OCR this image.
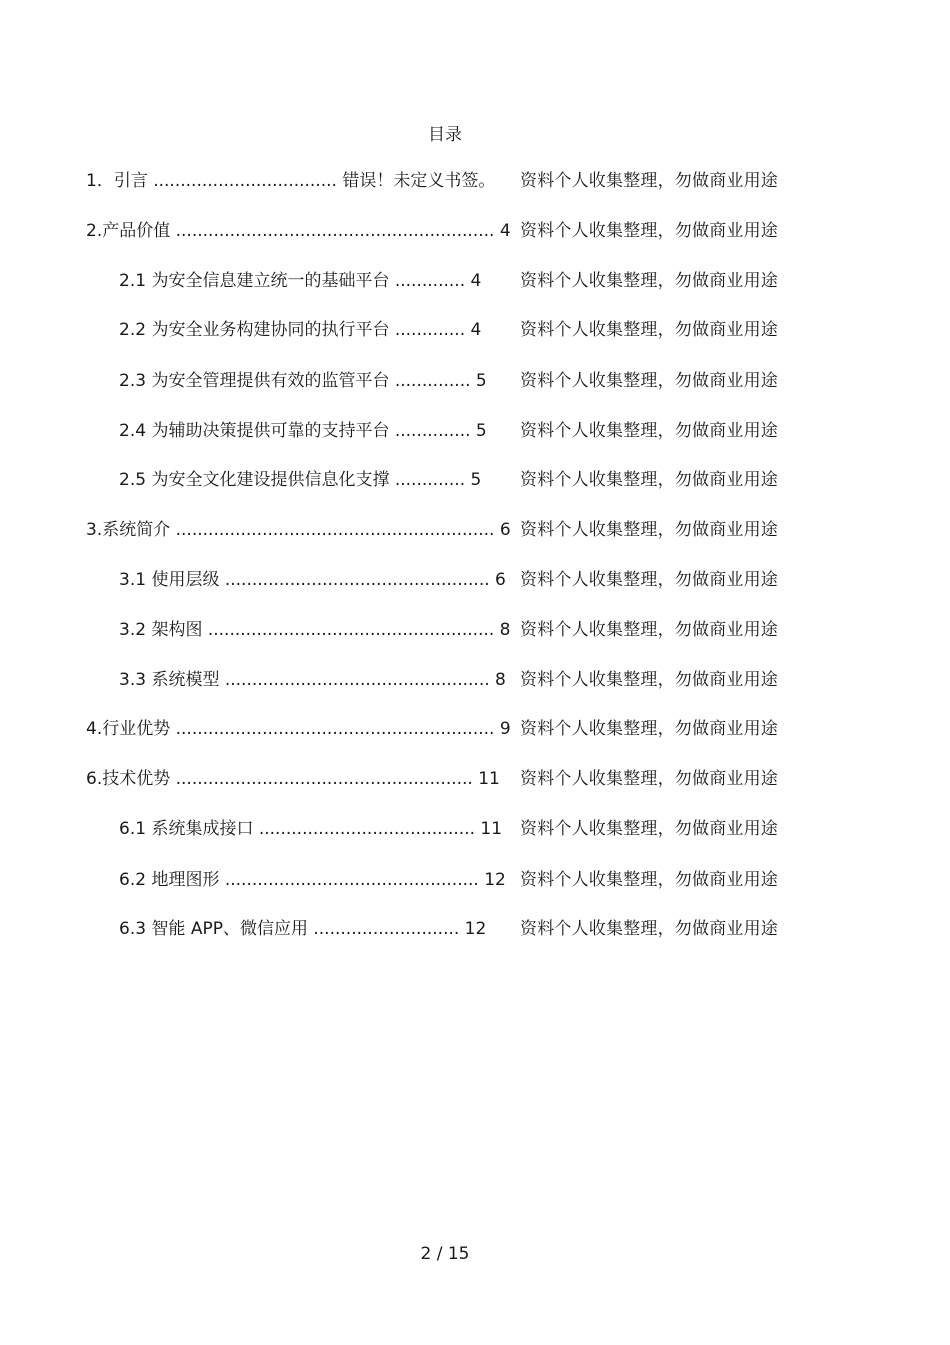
目录
1．引言 .................................. 错误！未定义书签。 资料个人收集整理，勿做商业用途
2.产品价值 ........................................................... 4 资料个人收集整理，勿做商业用途
2.1 为安全信息建立统一的基础平台 ............. 4 资料个人收集整理，勿做商业用途
2.2 为安全业务构建协同的执行平台 ............. 4 资料个人收集整理，勿做商业用途
2.3 为安全管理提供有效的监管平台 .............. 5 资料个人收集整理，勿做商业用途
2.4 为辅助决策提供可靠的支持平台 .............. 5 资料个人收集整理，勿做商业用途
2.5 为安全文化建设提供信息化支撑 ............. 5 资料个人收集整理，勿做商业用途
3.系统简介 ........................................................... 6 资料个人收集整理，勿做商业用途
3.1 使用层级 ................................................. 6 资料个人收集整理，勿做商业用途
3.2 架构图 ..................................................... 8 资料个人收集整理，勿做商业用途
3.3 系统模型 ................................................. 8 资料个人收集整理，勿做商业用途
4.行业优势 ........................................................... 9 资料个人收集整理，勿做商业用途
6.技术优势 ....................................................... 11 资料个人收集整理，勿做商业用途
6.1 系统集成接口 ........................................ 11 资料个人收集整理，勿做商业用途
6.2 地理图形 ............................................... 12 资料个人收集整理，勿做商业用途
6.3 智能 APP、微信应用 ........................... 12 资料个人收集整理，勿做商业用途
2 / 15
